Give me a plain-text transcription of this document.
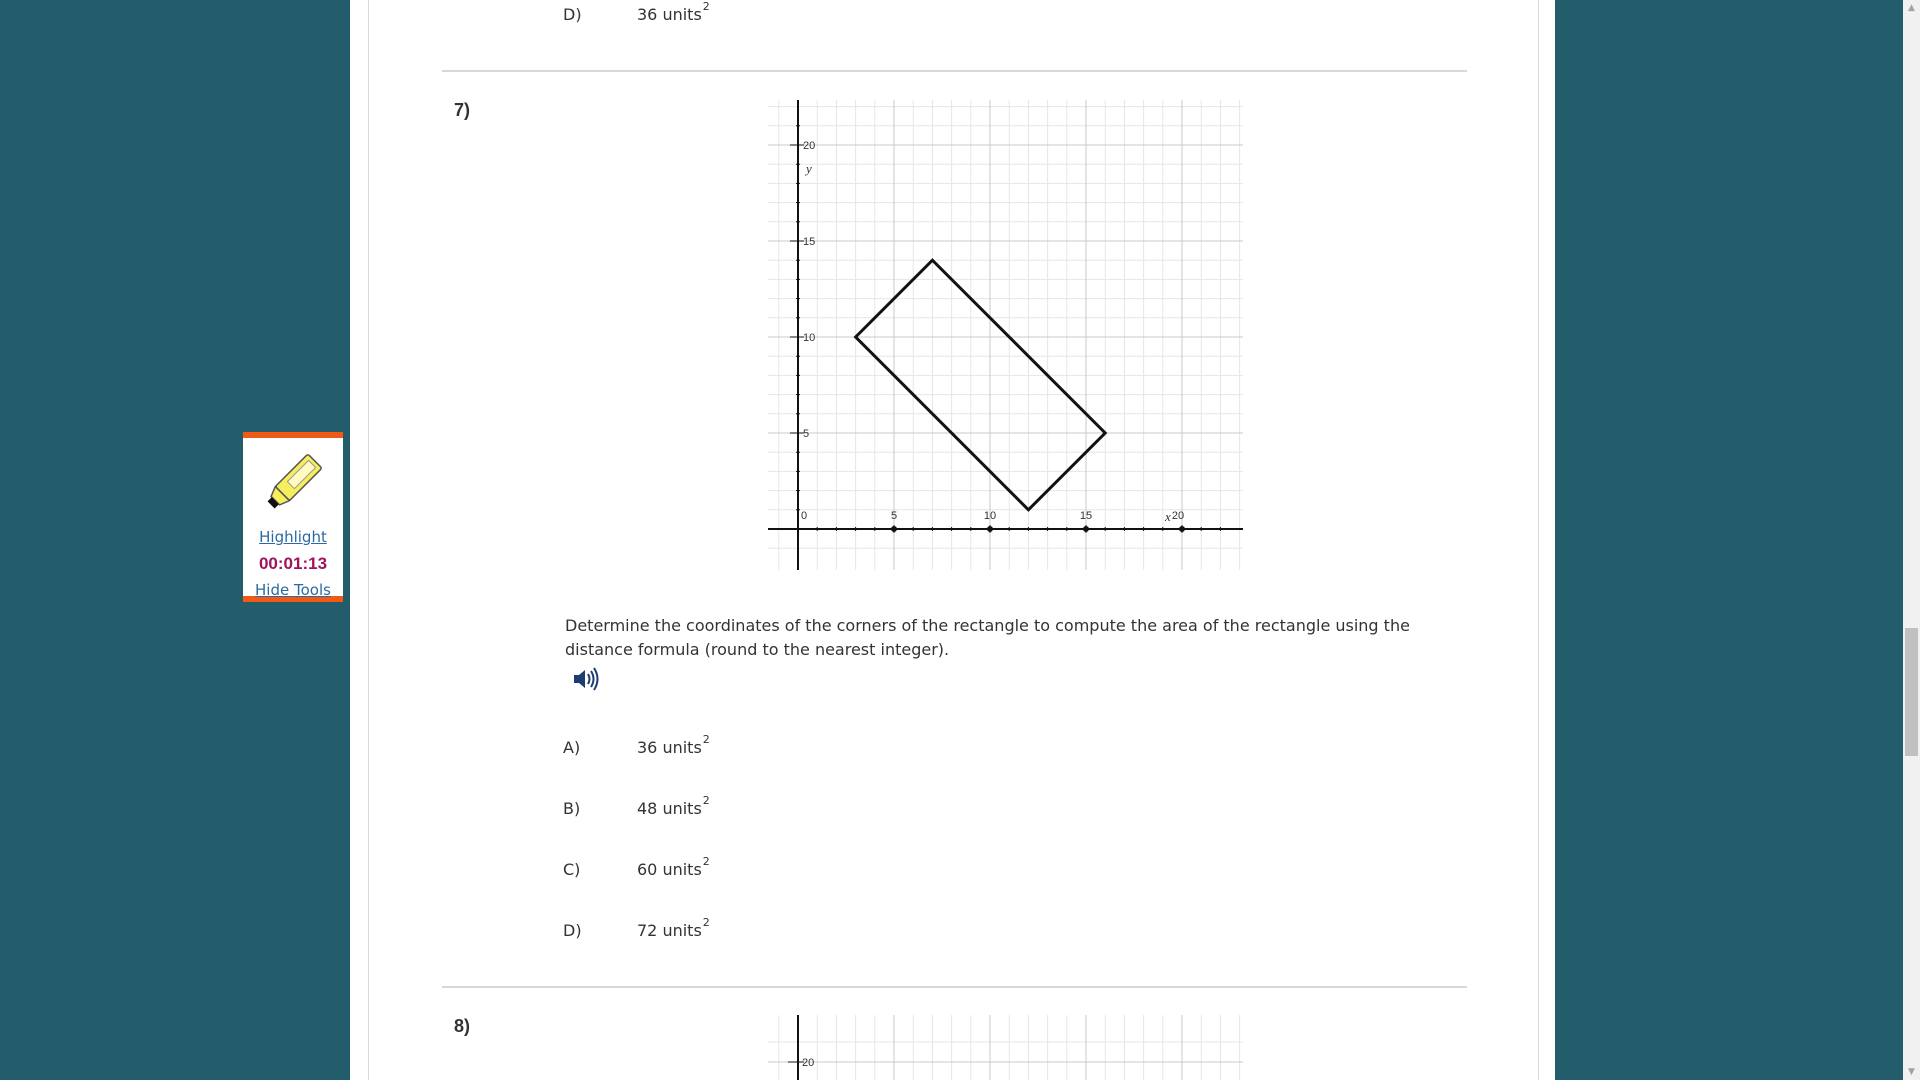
D)	36 units$^2$
7)
0	5	10	15	20
5
10
15
20
y
x
Determine the coordinates of the corners of the rectangle to compute the area of the rectangle using the distance formula (round to the nearest integer).
A)	36 units$^2$
B)	48 units$^2$
C)	60 units$^2$
D)	72 units$^2$
8)
20
Highlight
00:01:13
Hide Tools
▲
▼
